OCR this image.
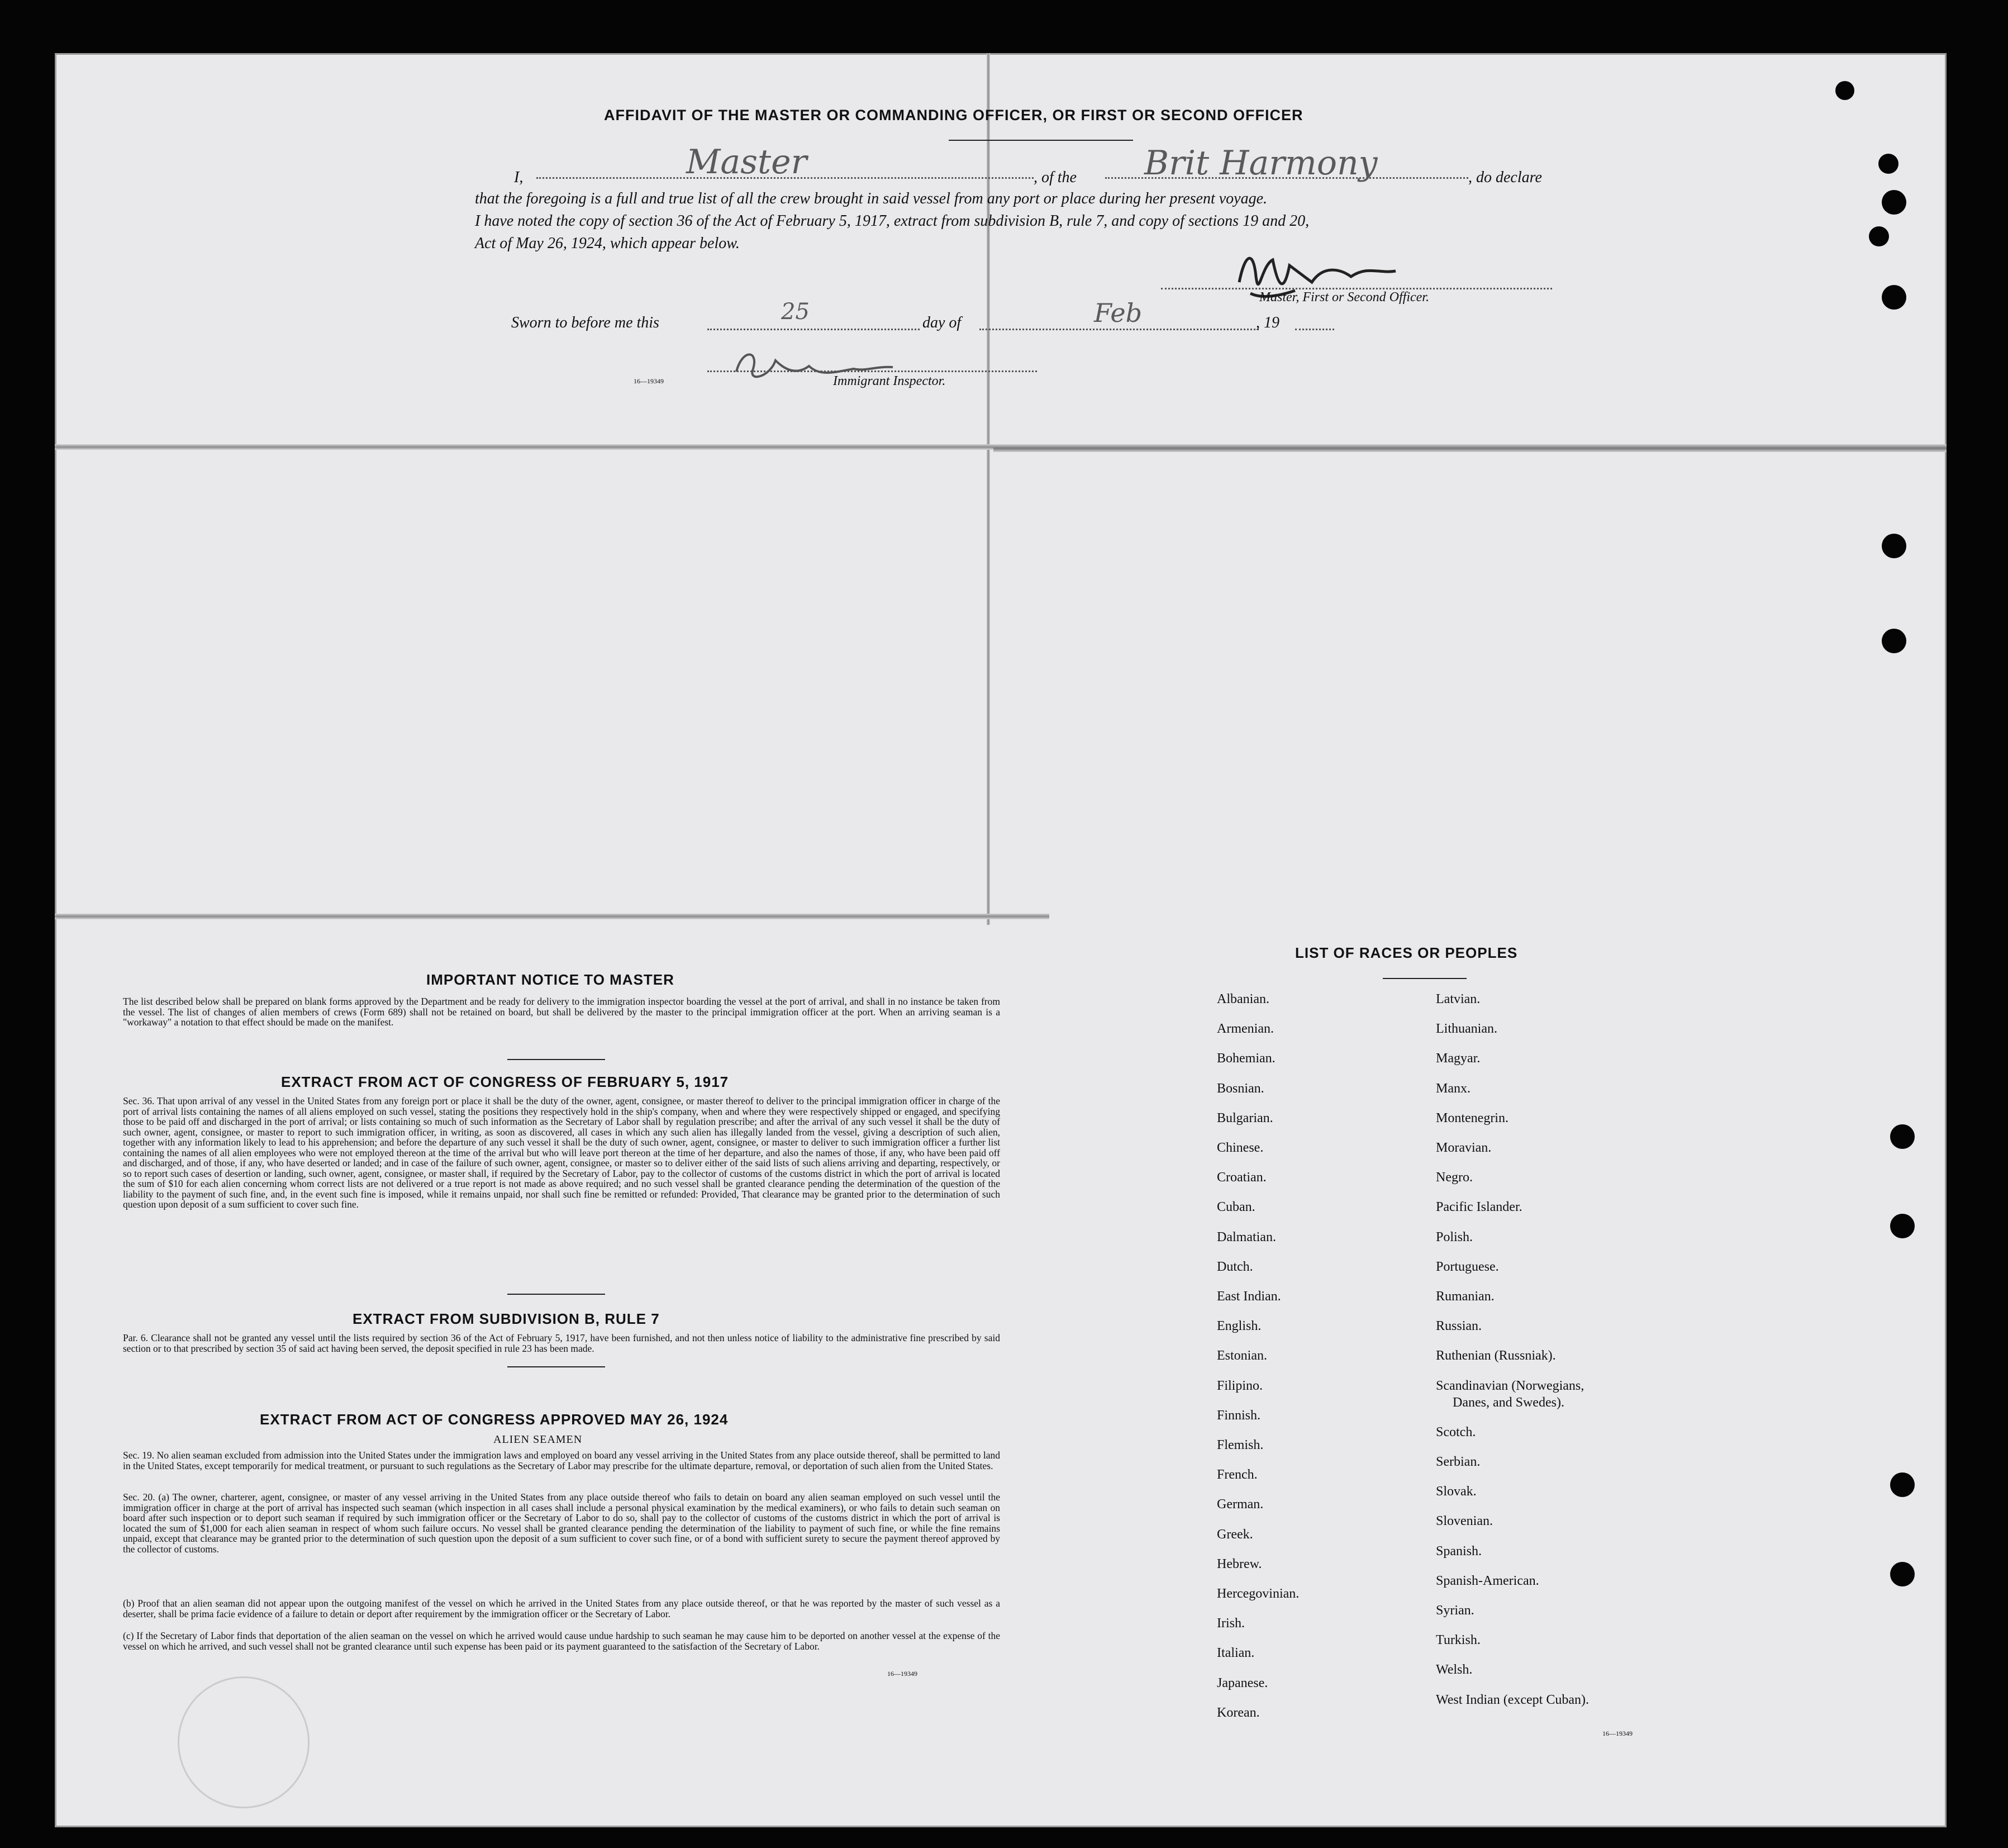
AFFIDAVIT OF THE MASTER OR COMMANDING OFFICER, OR FIRST OR SECOND OFFICER
I,	Master	, of the Brit Harmony	, do declare
that the foregoing is a full and true list of all the crew brought in said vessel from any port or place during her present voyage.
I have noted the copy of section 36 of the Act of February 5, 1917, extract from subdivision B, rule 7, and copy of sections 19 and 20,
Act of May 26, 1924, which appear below.
Master, First or Second Officer.
Sworn to before me this	25	day of	Feb	, 19
16—19349	Immigrant Inspector.
IMPORTANT NOTICE TO MASTER
The list described below shall be prepared on blank forms approved by the Department and be ready for delivery to the immigration inspector boarding the vessel at the port of arrival, and shall in no instance be taken from the vessel. The list of changes of alien members of crews (Form 689) shall not be retained on board, but shall be delivered by the master to the principal immigration officer at the port. When an arriving seaman is a "workaway" a notation to that effect should be made on the manifest.
EXTRACT FROM ACT OF CONGRESS OF FEBRUARY 5, 1917
Sec. 36. That upon arrival of any vessel in the United States from any foreign port or place it shall be the duty of the owner, agent, consignee, or master thereof to deliver to the principal immigration officer in charge of the port of arrival lists containing the names of all aliens employed on such vessel, stating the positions they respectively hold in the ship's company, when and where they were respectively shipped or engaged, and specifying those to be paid off and discharged in the port of arrival; or lists containing so much of such information as the Secretary of Labor shall by regulation prescribe; and after the arrival of any such vessel it shall be the duty of such owner, agent, consignee, or master to report to such immigration officer, in writing, as soon as discovered, all cases in which any such alien has illegally landed from the vessel, giving a description of such alien, together with any information likely to lead to his apprehension; and before the departure of any such vessel it shall be the duty of such owner, agent, consignee, or master to deliver to such immigration officer a further list containing the names of all alien employees who were not employed thereon at the time of the arrival but who will leave port thereon at the time of her departure, and also the names of those, if any, who have been paid off and discharged, and of those, if any, who have deserted or landed; and in case of the failure of such owner, agent, consignee, or master so to deliver either of the said lists of such aliens arriving and departing, respectively, or so to report such cases of desertion or landing, such owner, agent, consignee, or master shall, if required by the Secretary of Labor, pay to the collector of customs of the customs district in which the port of arrival is located the sum of $10 for each alien concerning whom correct lists are not delivered or a true report is not made as above required; and no such vessel shall be granted clearance pending the determination of the question of the liability to the payment of such fine, and, in the event such fine is imposed, while it remains unpaid, nor shall such fine be remitted or refunded: Provided, That clearance may be granted prior to the determination of such question upon deposit of a sum sufficient to cover such fine.
EXTRACT FROM SUBDIVISION B, RULE 7
Par. 6. Clearance shall not be granted any vessel until the lists required by section 36 of the Act of February 5, 1917, have been furnished, and not then unless notice of liability to the administrative fine prescribed by said section or to that prescribed by section 35 of said act having been served, the deposit specified in rule 23 has been made.
EXTRACT FROM ACT OF CONGRESS APPROVED MAY 26, 1924
ALIEN SEAMEN
Sec. 19. No alien seaman excluded from admission into the United States under the immigration laws and employed on board any vessel arriving in the United States from any place outside thereof, shall be permitted to land in the United States, except temporarily for medical treatment, or pursuant to such regulations as the Secretary of Labor may prescribe for the ultimate departure, removal, or deportation of such alien from the United States.
Sec. 20. (a) The owner, charterer, agent, consignee, or master of any vessel arriving in the United States from any place outside thereof who fails to detain on board any alien seaman employed on such vessel until the immigration officer in charge at the port of arrival has inspected such seaman (which inspection in all cases shall include a personal physical examination by the medical examiners), or who fails to detain such seaman on board after such inspection or to deport such seaman if required by such immigration officer or the Secretary of Labor to do so, shall pay to the collector of customs of the customs district in which the port of arrival is located the sum of $1,000 for each alien seaman in respect of whom such failure occurs. No vessel shall be granted clearance pending the determination of the liability to payment of such fine, or while the fine remains unpaid, except that clearance may be granted prior to the determination of such question upon the deposit of a sum sufficient to cover such fine, or of a bond with sufficient surety to secure the payment thereof approved by the collector of customs.
(b) Proof that an alien seaman did not appear upon the outgoing manifest of the vessel on which he arrived in the United States from any place outside thereof, or that he was reported by the master of such vessel as a deserter, shall be prima facie evidence of a failure to detain or deport after requirement by the immigration officer or the Secretary of Labor.
(c) If the Secretary of Labor finds that deportation of the alien seaman on the vessel on which he arrived would cause undue hardship to such seaman he may cause him to be deported on another vessel at the expense of the vessel on which he arrived, and such vessel shall not be granted clearance until such expense has been paid or its payment guaranteed to the satisfaction of the Secretary of Labor.
16—19349
LIST OF RACES OR PEOPLES
Albanian.
Armenian.
Bohemian.
Bosnian.
Bulgarian.
Chinese.
Croatian.
Cuban.
Dalmatian.
Dutch.
East Indian.
English.
Estonian.
Filipino.
Finnish.
Flemish.
French.
German.
Greek.
Hebrew.
Hercegovinian.
Irish.
Italian.
Japanese.
Korean.
Latvian.
Lithuanian.
Magyar.
Manx.
Montenegrin.
Moravian.
Negro.
Pacific Islander.
Polish.
Portuguese.
Rumanian.
Russian.
Ruthenian (Russniak).
Scandinavian (Norwegians,
Danes, and Swedes).
Scotch.
Serbian.
Slovak.
Slovenian.
Spanish.
Spanish-American.
Syrian.
Turkish.
Welsh.
West Indian (except Cuban).
16—19349
